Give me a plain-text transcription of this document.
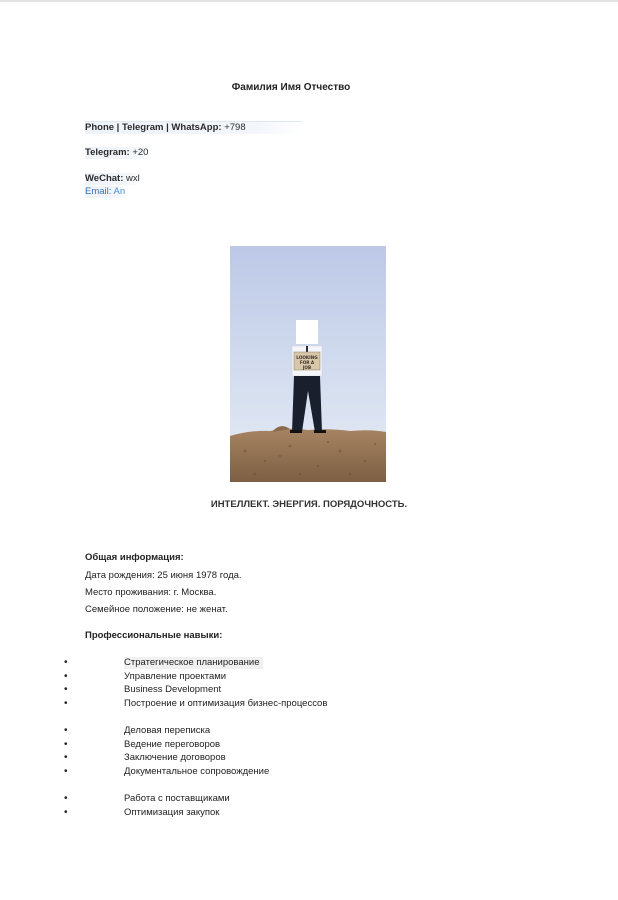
Фамилия Имя Отчество
Phone | Telegram | WhatsApp: +798
Telegram: +20
WeChat: wxl
Email: An
LOOKING
FOR A
JOB
ИНТЕЛЛЕКТ. ЭНЕРГИЯ. ПОРЯДОЧНОСТЬ.
Общая информация:
Дата рождения: 25 июня 1978 года.
Место проживания: г. Москва.
Семейное положение: не женат.
Профессиональные навыки:
•	Стратегическое планирование
•	Управление проектами
•	Business Development
•	Построение и оптимизация бизнес-процессов
•	Деловая переписка
•	Ведение переговоров
•	Заключение договоров
•	Документальное сопровождение
•	Работа с поставщиками
•	Оптимизация закупок
